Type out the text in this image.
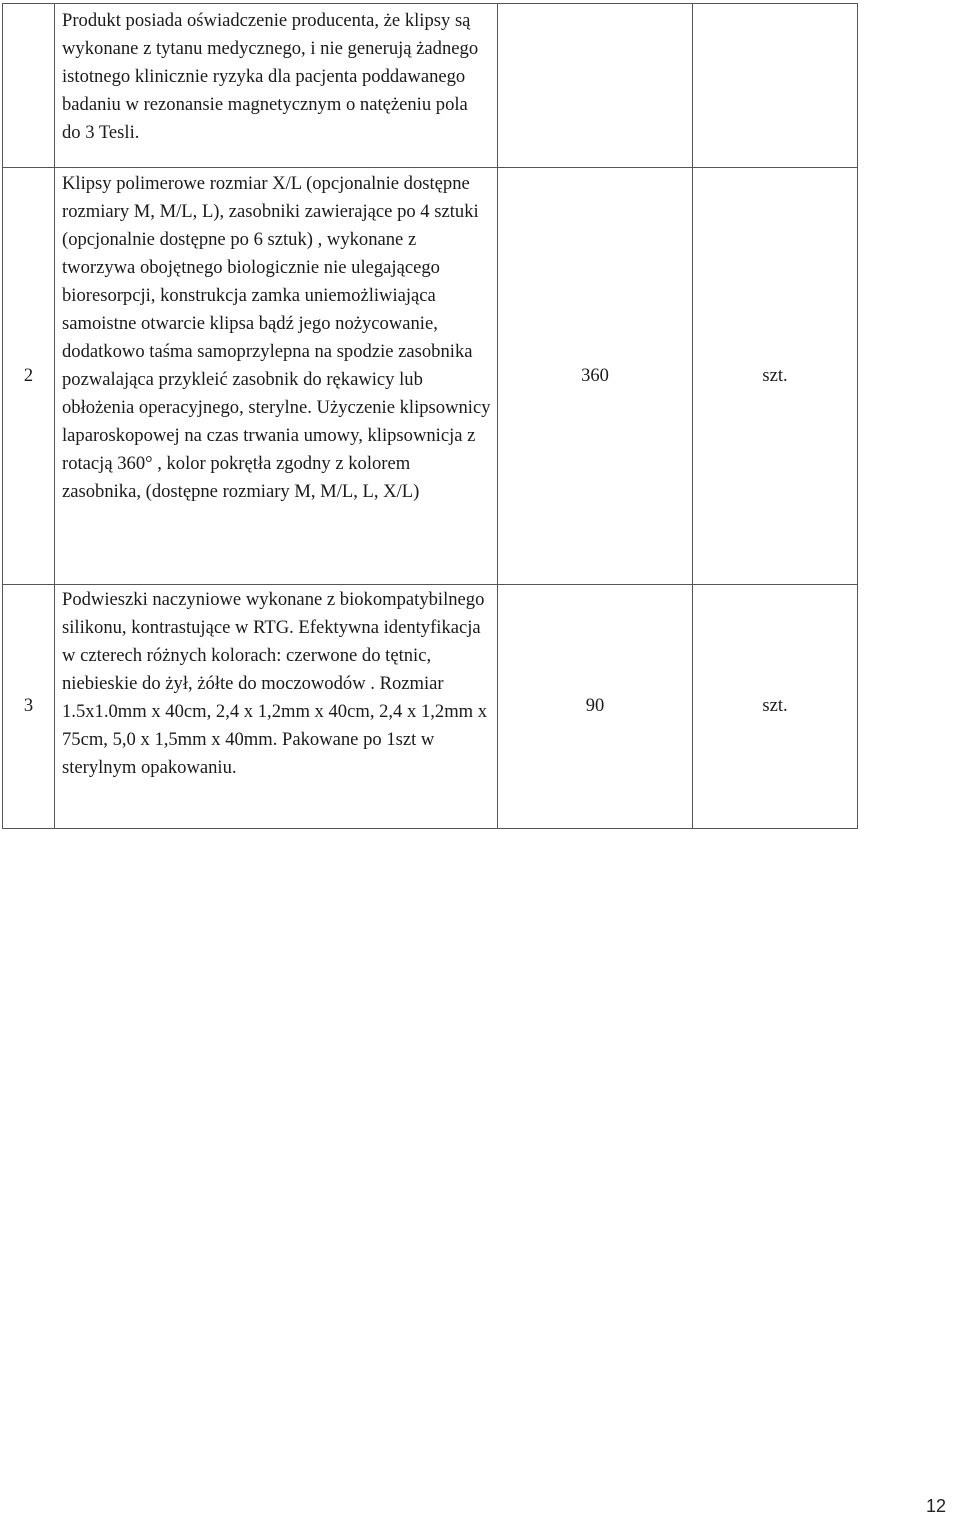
	Produkt posiada oświadczenie producenta, że klipsy są wykonane z tytanu medycznego, i nie generują żadnego istotnego klinicznie ryzyka dla pacjenta poddawanego badaniu w rezonansie magnetycznym o natężeniu pola do 3 Tesli.		

2	Klipsy polimerowe rozmiar X/L (opcjonalnie dostępne rozmiary M, M/L, L), zasobniki zawierające po 4 sztuki (opcjonalnie dostępne po 6 sztuk) , wykonane z tworzywa obojętnego biologicznie nie ulegającego bioresorpcji, konstrukcja zamka uniemożliwiająca samoistne otwarcie klipsa bądź jego nożycowanie, dodatkowo taśma samoprzylepna na spodzie zasobnika pozwalająca przykleić zasobnik do rękawicy lub obłożenia operacyjnego, sterylne. Użyczenie klipsownicy laparoskopowej na czas trwania umowy, klipsownicja z rotacją 360° , kolor pokrętła zgodny z kolorem zasobnika, (dostępne rozmiary M, M/L, L, X/L)	360	szt.
3	Podwieszki naczyniowe wykonane z biokompatybilnego silikonu, kontrastujące w RTG. Efektywna identyfikacja w czterech różnych kolorach: czerwone do tętnic, niebieskie do żył, żółte do moczowodów . Rozmiar 1.5x1.0mm x 40cm, 2,4 x 1,2mm x 40cm, 2,4 x 1,2mm x 75cm, 5,0 x 1,5mm x 40mm. Pakowane po 1szt w sterylnym opakowaniu.	90	szt.
12
